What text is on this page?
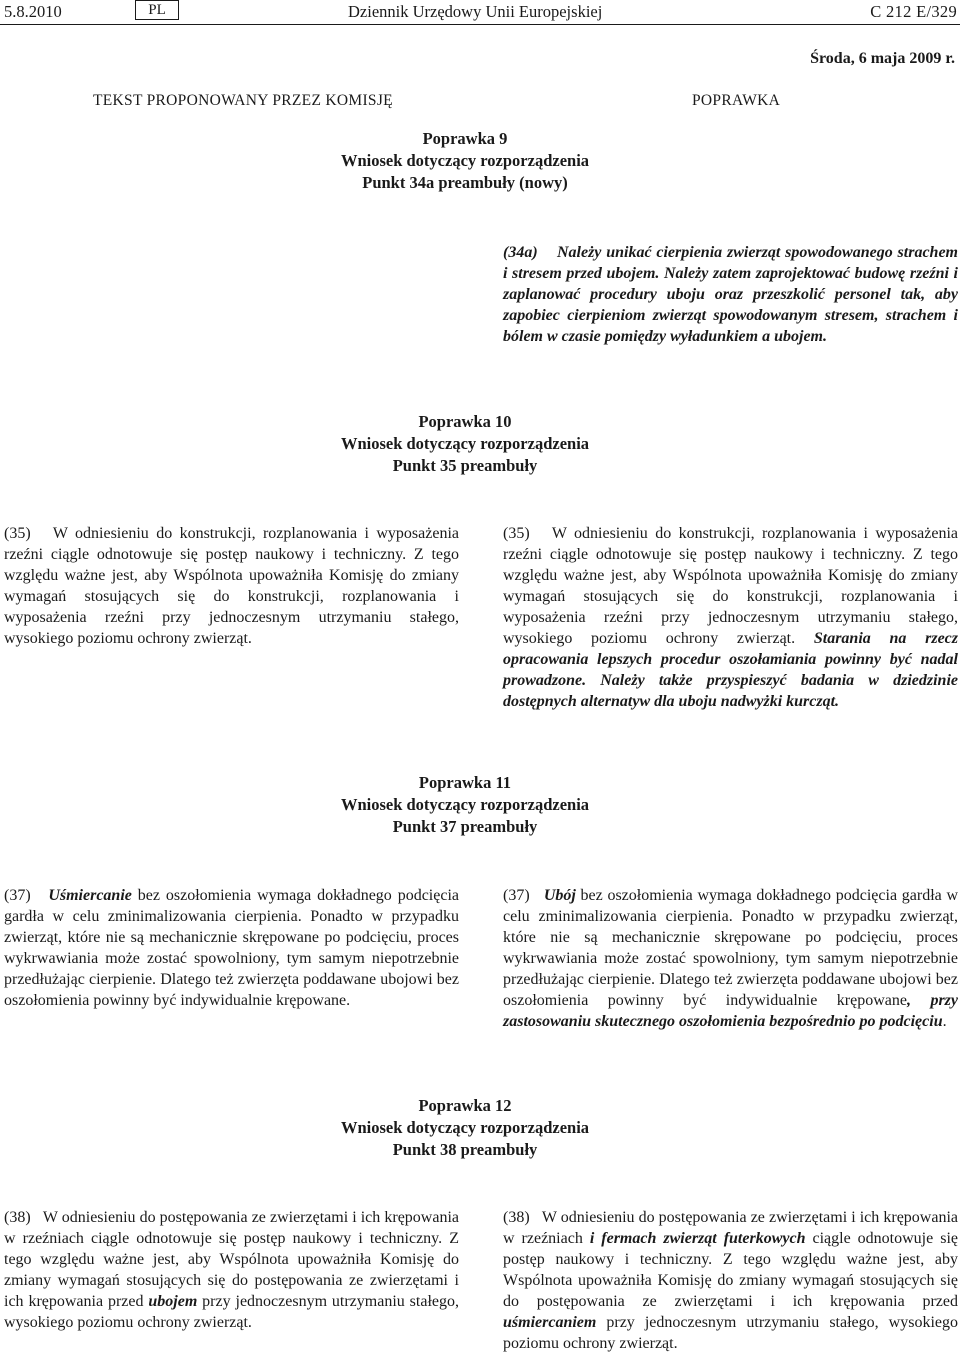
5.8.2010	PL	Dziennik Urzędowy Unii Europejskiej	C 212 E/329
Środa, 6 maja 2009 r.
TEKST PROPONOWANY PRZEZ KOMISJĘ	POPRAWKA
Poprawka 9
Wniosek dotyczący rozporządzenia
Punkt 34a preambuły (nowy)

(34a)    Należy unikać cierpienia zwierząt spowodowanego strachem i stresem przed ubojem. Należy zatem zaprojektować budowę rzeźni i zaplanować procedury uboju oraz przeszkolić personel tak, aby zapobiec cierpieniom zwierząt spowodowanym stresem, strachem i bólem w czasie pomiędzy wyładunkiem a ubojem.

Poprawka 10
Wniosek dotyczący rozporządzenia
Punkt 35 preambuły

(35)   W odniesieniu do konstrukcji, rozplanowania i wyposażenia rzeźni ciągle odnotowuje się postęp naukowy i techniczny. Z tego względu ważne jest, aby Wspólnota upoważniła Komisję do zmiany wymagań stosujących się do konstrukcji, rozplanowania i wyposażenia rzeźni przy jednoczesnym utrzymaniu stałego, wysokiego poziomu ochrony zwierząt.

(35)   W odniesieniu do konstrukcji, rozplanowania i wyposażenia rzeźni ciągle odnotowuje się postęp naukowy i techniczny. Z tego względu ważne jest, aby Wspólnota upoważniła Komisję do zmiany wymagań stosujących się do konstrukcji, rozplanowania i wyposażenia rzeźni przy jednoczesnym utrzymaniu stałego, wysokiego poziomu ochrony zwierząt. Starania na rzecz opracowania lepszych procedur oszołamiania powinny być nadal prowadzone. Należy także przyspieszyć badania w dziedzinie dostępnych alternatyw dla uboju nadwyżki kurcząt.

Poprawka 11
Wniosek dotyczący rozporządzenia
Punkt 37 preambuły

(37)   Uśmiercanie bez oszołomienia wymaga dokładnego podcięcia gardła w celu zminimalizowania cierpienia. Ponadto w przypadku zwierząt, które nie są mechanicznie skrępowane po podcięciu, proces wykrwawiania może zostać spowolniony, tym samym niepotrzebnie przedłużając cierpienie. Dlatego też zwierzęta poddawane ubojowi bez oszołomienia powinny być indywidualnie krępowane.

(37)   Ubój bez oszołomienia wymaga dokładnego podcięcia gardła w celu zminimalizowania cierpienia. Ponadto w przypadku zwierząt, które nie są mechanicznie skrępowane po podcięciu, proces wykrwawiania może zostać spowolniony, tym samym niepotrzebnie przedłużając cierpienie. Dlatego też zwierzęta poddawane ubojowi bez oszołomienia powinny być indywidualnie krępowane, przy zastosowaniu skutecznego oszołomienia bezpośrednio po podcięciu.

Poprawka 12
Wniosek dotyczący rozporządzenia
Punkt 38 preambuły

(38)   W odniesieniu do postępowania ze zwierzętami i ich krępowania w rzeźniach ciągle odnotowuje się postęp naukowy i techniczny. Z tego względu ważne jest, aby Wspólnota upoważniła Komisję do zmiany wymagań stosujących się do postępowania ze zwierzętami i ich krępowania przed ubojem przy jednoczesnym utrzymaniu stałego, wysokiego poziomu ochrony zwierząt.

(38)   W odniesieniu do postępowania ze zwierzętami i ich krępowania w rzeźniach i fermach zwierząt futerkowych ciągle odnotowuje się postęp naukowy i techniczny. Z tego względu ważne jest, aby Wspólnota upoważniła Komisję do zmiany wymagań stosujących się do postępowania ze zwierzętami i ich krępowania przed uśmiercaniem przy jednoczesnym utrzymaniu stałego, wysokiego poziomu ochrony zwierząt.
